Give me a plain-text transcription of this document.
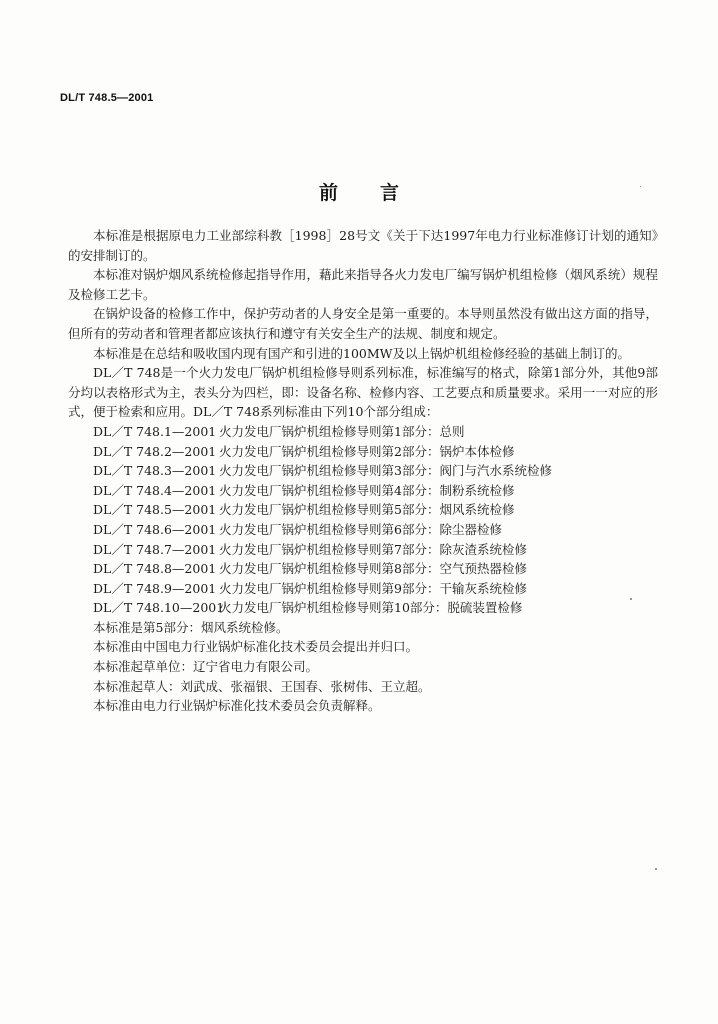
DL/T 748.5—2001
前言

本标准是根据原电力工业部综科教［1998］28号文《关于下达1997年电力行业标准修订计划的通知》的安排制订的。

本标准对锅炉烟风系统检修起指导作用，藉此来指导各火力发电厂编写锅炉机组检修（烟风系统）规程及检修工艺卡。

在锅炉设备的检修工作中，保护劳动者的人身安全是第一重要的。本导则虽然没有做出这方面的指导，但所有的劳动者和管理者都应该执行和遵守有关安全生产的法规、制度和规定。

本标准是在总结和吸收国内现有国产和引进的100MW及以上锅炉机组检修经验的基础上制订的。

DL／T 748是一个火力发电厂锅炉机组检修导则系列标准，标准编写的格式，除第1部分外，其他9部分均以表格形式为主，表头分为四栏，即：设备名称、检修内容、工艺要点和质量要求。采用一一对应的形式，便于检索和应用。DL／T 748系列标准由下列10个部分组成：

DL／T 748.1—2001 火力发电厂锅炉机组检修导则第1部分：总则
DL／T 748.2—2001 火力发电厂锅炉机组检修导则第2部分：锅炉本体检修
DL／T 748.3—2001 火力发电厂锅炉机组检修导则第3部分：阀门与汽水系统检修
DL／T 748.4—2001 火力发电厂锅炉机组检修导则第4部分：制粉系统检修
DL／T 748.5—2001 火力发电厂锅炉机组检修导则第5部分：烟风系统检修
DL／T 748.6—2001 火力发电厂锅炉机组检修导则第6部分：除尘器检修
DL／T 748.7—2001 火力发电厂锅炉机组检修导则第7部分：除灰渣系统检修
DL／T 748.8—2001 火力发电厂锅炉机组检修导则第8部分：空气预热器检修
DL／T 748.9—2001 火力发电厂锅炉机组检修导则第9部分：干输灰系统检修
DL／T 748.10—2001
火力发电厂锅炉机组检修导则第10部分：脱硫装置检修

本标准是第5部分：烟风系统检修。

本标准由中国电力行业锅炉标准化技术委员会提出并归口。

本标准起草单位：辽宁省电力有限公司。

本标准起草人：刘武成、张福银、王国春、张树伟、王立超。

本标准由电力行业锅炉标准化技术委员会负责解释。
